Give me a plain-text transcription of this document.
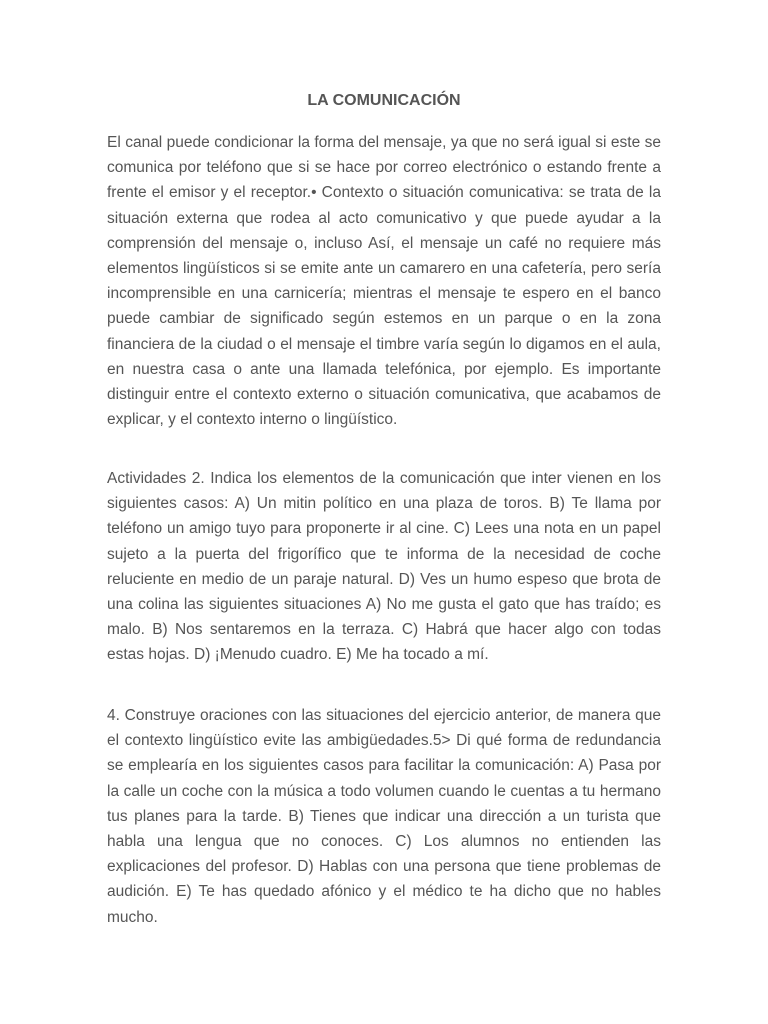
LA COMUNICACIÓN

El canal puede condicionar la forma del mensaje, ya que no será igual si este se comunica por teléfono que si se hace por correo electrónico o estando frente a frente el emisor y el receptor.• Contexto o situación comunicativa: se trata de la situación externa que rodea al acto comunicativo y que puede ayudar a la comprensión del mensaje o, incluso Así, el mensaje un café no requiere más elementos lingüísticos si se emite ante un camarero en una cafetería, pero sería incomprensible en una carnicería; mientras el mensaje te espero en el banco puede cambiar de significado según estemos en un parque o en la zona financiera de la ciudad o el mensaje el timbre varía según lo digamos en el aula, en nuestra casa o ante una llamada telefónica, por ejemplo. Es importante distinguir entre el contexto externo o situación comunicativa, que acabamos de explicar, y el contexto interno o lingüístico.

Actividades 2. Indica los elementos de la comunicación que inter vienen en los siguientes casos: A) Un mitin político en una plaza de toros. B) Te llama por teléfono un amigo tuyo para proponerte ir al cine. C) Lees una nota en un papel sujeto a la puerta del frigorífico que te informa de la necesidad de coche reluciente en medio de un paraje natural. D) Ves un humo espeso que brota de una colina las siguientes situaciones A) No me gusta el gato que has traído; es malo. B) Nos sentaremos en la terraza. C) Habrá que hacer algo con todas estas hojas. D) ¡Menudo cuadro. E) Me ha tocado a mí.

4. Construye oraciones con las situaciones del ejercicio anterior, de manera que el contexto lingüístico evite las ambigüedades.5> Di qué forma de redundancia se emplearía en los siguientes casos para facilitar la comunicación: A) Pasa por la calle un coche con la música a todo volumen cuando le cuentas a tu hermano tus planes para la tarde. B) Tienes que indicar una dirección a un turista que habla una lengua que no conoces. C) Los alumnos no entienden las explicaciones del profesor. D) Hablas con una persona que tiene problemas de audición. E) Te has quedado afónico y el médico te ha dicho que no hables mucho.
